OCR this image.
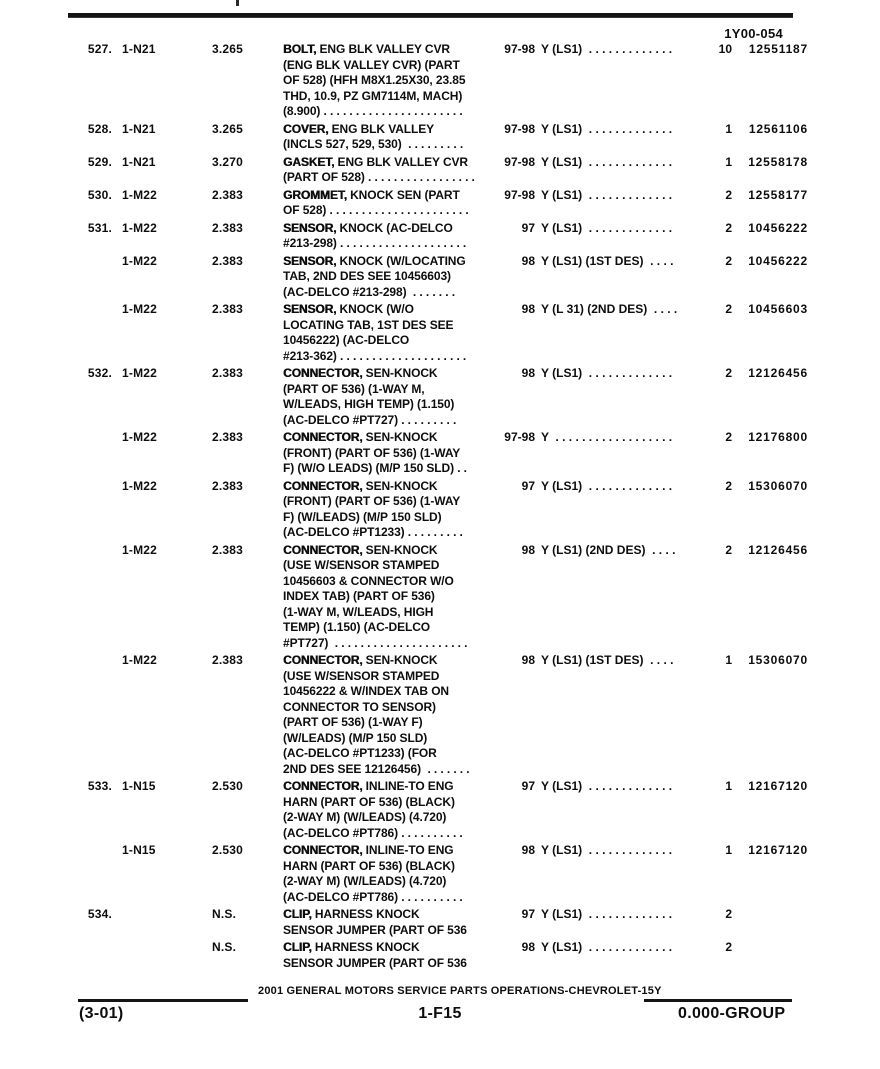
1Y00-054
527. 1-N21	3.265	BOLT, ENG BLK VALLEY CVR
(ENG BLK VALLEY CVR) (PART
OF 528) (HFH M8X1.25X30, 23.85
THD, 10.9, PZ GM7114M, MACH)
(8.900) . . . . . . . . . . . . . . . . . . . . . .
97-98 Y (LS1)  . . . . . . . . . . . . .	10	12551187
528. 1-N21	3.265	COVER, ENG BLK VALLEY
(INCLS 527, 529, 530)  . . . . . . . . .
97-98 Y (LS1)  . . . . . . . . . . . . .	1	12561106
529. 1-N21	3.270	GASKET, ENG BLK VALLEY CVR
(PART OF 528) . . . . . . . . . . . . . . . . .
97-98 Y (LS1)  . . . . . . . . . . . . .	1	12558178
530. 1-M22	2.383	GROMMET, KNOCK SEN (PART
OF 528) . . . . . . . . . . . . . . . . . . . . . .
97-98 Y (LS1)  . . . . . . . . . . . . .	2	12558177
531. 1-M22	2.383	SENSOR, KNOCK (AC-DELCO
#213-298) . . . . . . . . . . . . . . . . . . . .
97 Y (LS1)  . . . . . . . . . . . . .	2	10456222
1-M22	2.383	SENSOR, KNOCK (W/LOCATING
TAB, 2ND DES SEE 10456603)
(AC-DELCO #213-298)  . . . . . . .
98 Y (LS1) (1ST DES)  . . . .	2	10456222
1-M22	2.383	SENSOR, KNOCK (W/O
LOCATING TAB, 1ST DES SEE
10456222) (AC-DELCO
#213-362) . . . . . . . . . . . . . . . . . . . .
98 Y (L 31) (2ND DES)  . . . .	2	10456603
532. 1-M22	2.383	CONNECTOR, SEN-KNOCK
(PART OF 536) (1-WAY M,
W/LEADS, HIGH TEMP) (1.150)
(AC-DELCO #PT727) . . . . . . . . .
98 Y (LS1)  . . . . . . . . . . . . .	2	12126456
1-M22	2.383	CONNECTOR, SEN-KNOCK
(FRONT) (PART OF 536) (1-WAY
F) (W/O LEADS) (M/P 150 SLD) . .
97-98 Y  . . . . . . . . . . . . . . . . . .	2	12176800
1-M22	2.383	CONNECTOR, SEN-KNOCK
(FRONT) (PART OF 536) (1-WAY
F) (W/LEADS) (M/P 150 SLD)
(AC-DELCO #PT1233) . . . . . . . . .
97 Y (LS1)  . . . . . . . . . . . . .	2	15306070
1-M22	2.383	CONNECTOR, SEN-KNOCK
(USE W/SENSOR STAMPED
10456603 & CONNECTOR W/O
INDEX TAB) (PART OF 536)
(1-WAY M, W/LEADS, HIGH
TEMP) (1.150) (AC-DELCO
#PT727)  . . . . . . . . . . . . . . . . . . . . .
98 Y (LS1) (2ND DES)  . . . .	2	12126456
1-M22	2.383	CONNECTOR, SEN-KNOCK
(USE W/SENSOR STAMPED
10456222 & W/INDEX TAB ON
CONNECTOR TO SENSOR)
(PART OF 536) (1-WAY F)
(W/LEADS) (M/P 150 SLD)
(AC-DELCO #PT1233) (FOR
2ND DES SEE 12126456)  . . . . . . .
98 Y (LS1) (1ST DES)  . . . .	1	15306070
533. 1-N15	2.530	CONNECTOR, INLINE-TO ENG
HARN (PART OF 536) (BLACK)
(2-WAY M) (W/LEADS) (4.720)
(AC-DELCO #PT786) . . . . . . . . . .
97 Y (LS1)  . . . . . . . . . . . . .	1	12167120
1-N15	2.530	CONNECTOR, INLINE-TO ENG
HARN (PART OF 536) (BLACK)
(2-WAY M) (W/LEADS) (4.720)
(AC-DELCO #PT786) . . . . . . . . . .
98 Y (LS1)  . . . . . . . . . . . . .	1	12167120
534.	N.S.	CLIP, HARNESS KNOCK
SENSOR JUMPER (PART OF 536
97 Y (LS1)  . . . . . . . . . . . . .	2
N.S.	CLIP, HARNESS KNOCK
SENSOR JUMPER (PART OF 536
98 Y (LS1)  . . . . . . . . . . . . .	2
2001 GENERAL MOTORS SERVICE PARTS OPERATIONS-CHEVROLET-15Y
(3-01)	1-F15	0.000-GROUP
